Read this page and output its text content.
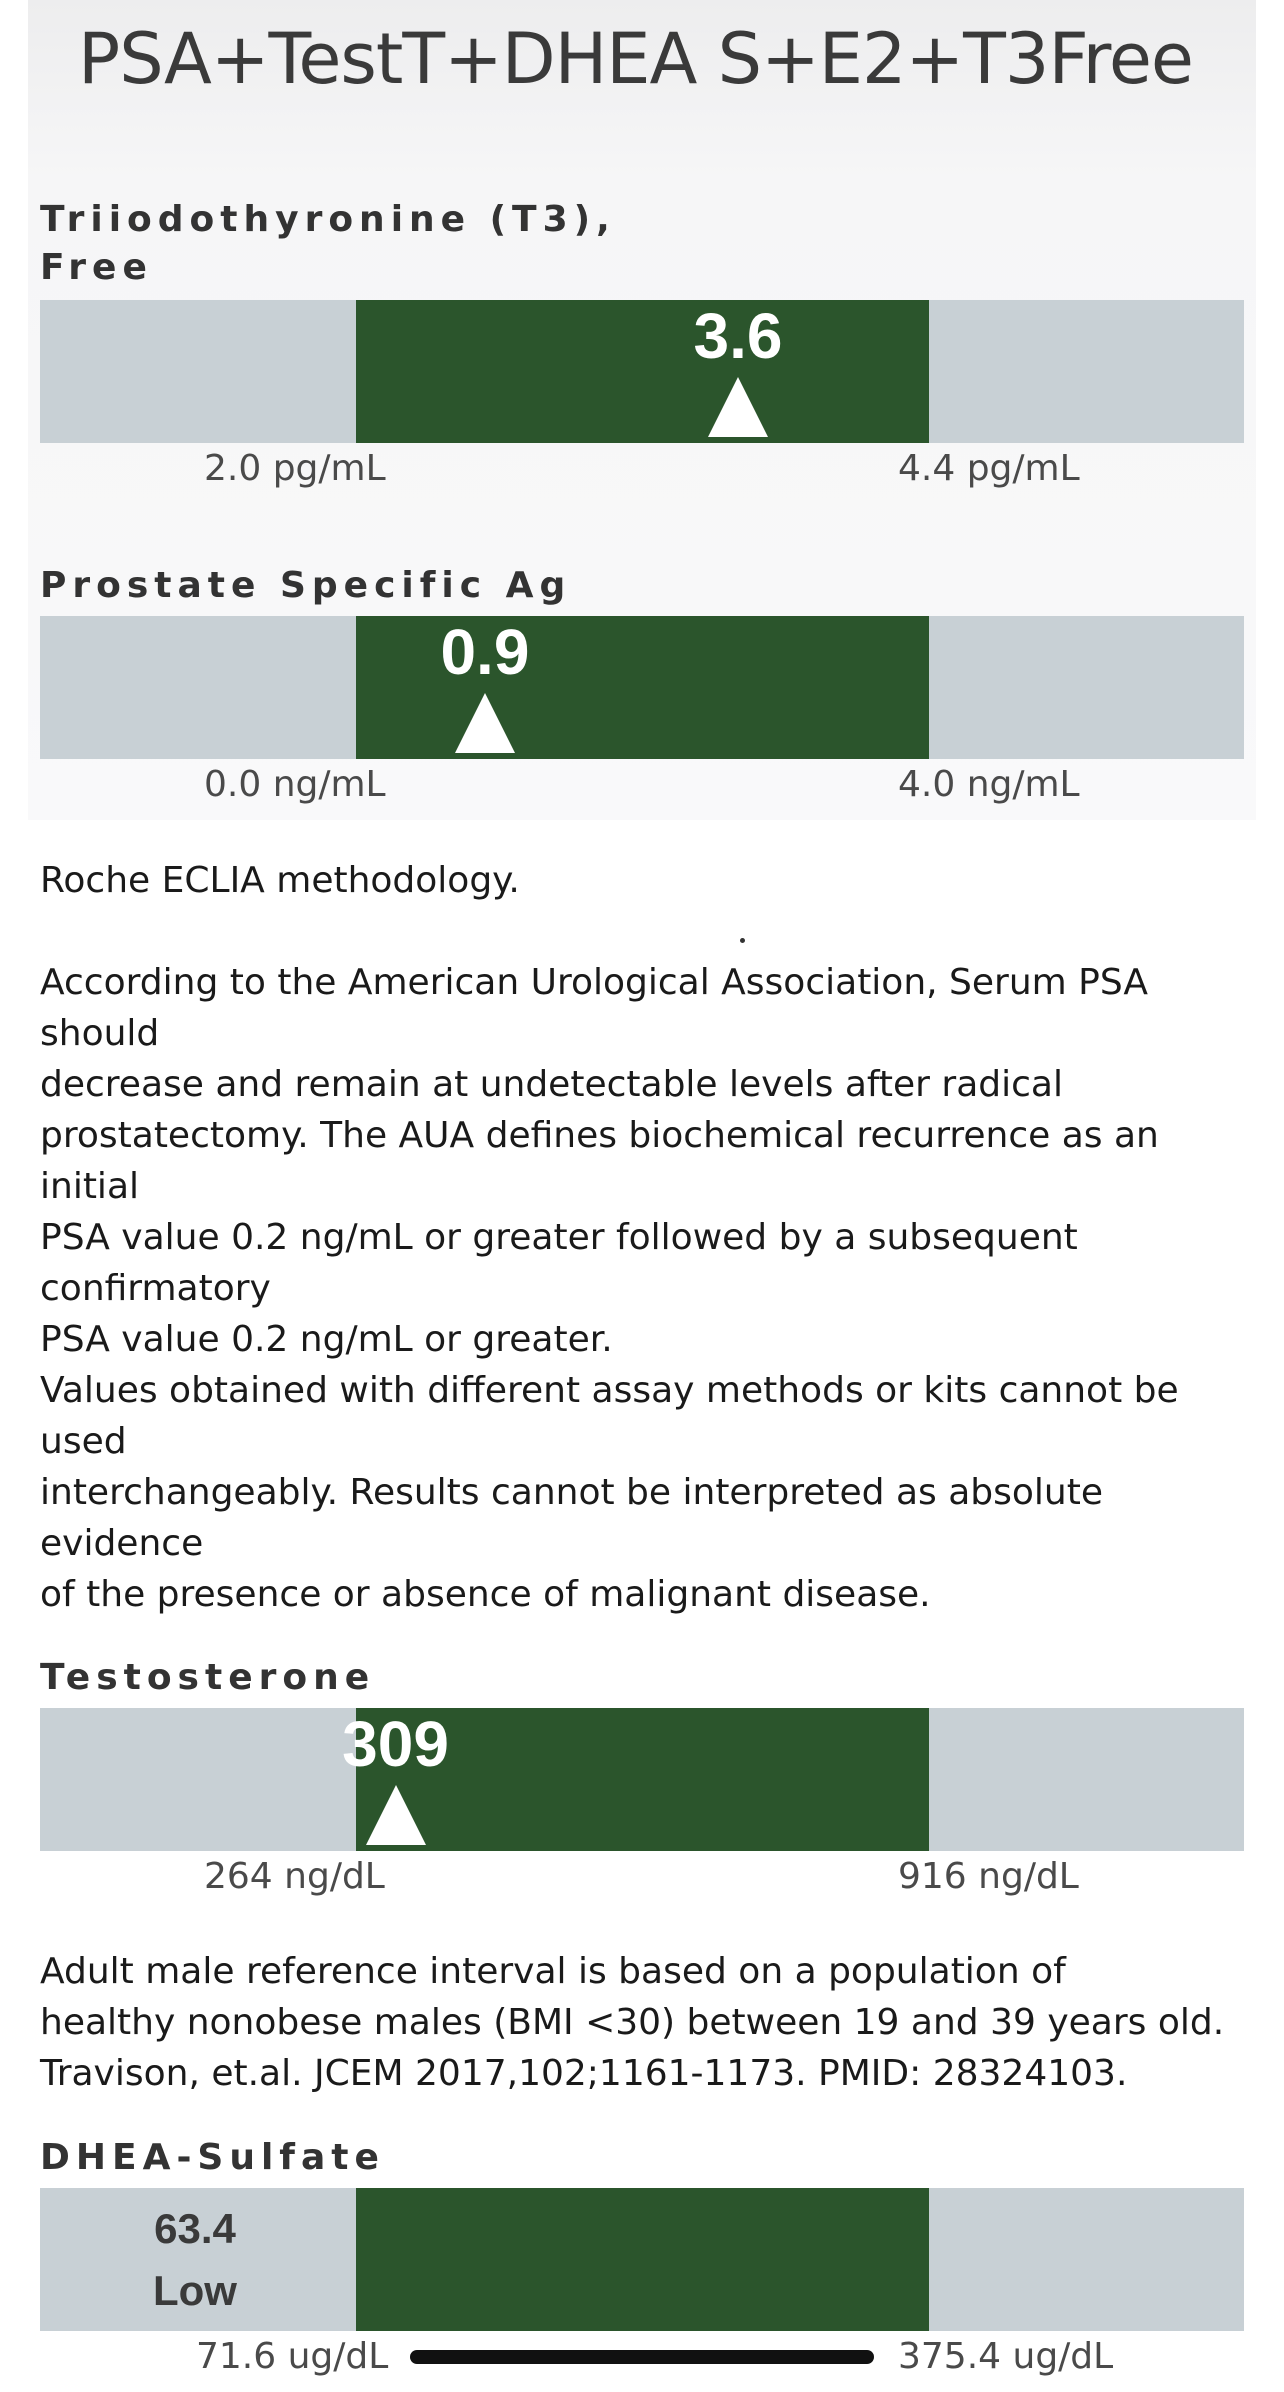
PSA+TestT+DHEA S+E2+T3Free
Triiodothyronine (T3),
Free
3.6
2.0 pg/mL	4.4 pg/mL
Prostate Specific Ag
0.9
0.0 ng/mL	4.0 ng/mL
Roche ECLIA methodology.
According to the American Urological Association, Serum PSA
should
decrease and remain at undetectable levels after radical
prostatectomy. The AUA defines biochemical recurrence as an
initial
PSA value 0.2 ng/mL or greater followed by a subsequent
confirmatory
PSA value 0.2 ng/mL or greater.
Values obtained with different assay methods or kits cannot be
used
interchangeably. Results cannot be interpreted as absolute
evidence
of the presence or absence of malignant disease.
Testosterone
309
264 ng/dL	916 ng/dL
Adult male reference interval is based on a population of
healthy nonobese males (BMI <30) between 19 and 39 years old.
Travison, et.al. JCEM 2017,102;1161-1173. PMID: 28324103.
DHEA-Sulfate
63.4
Low
71.6 ug/dL	375.4 ug/dL
